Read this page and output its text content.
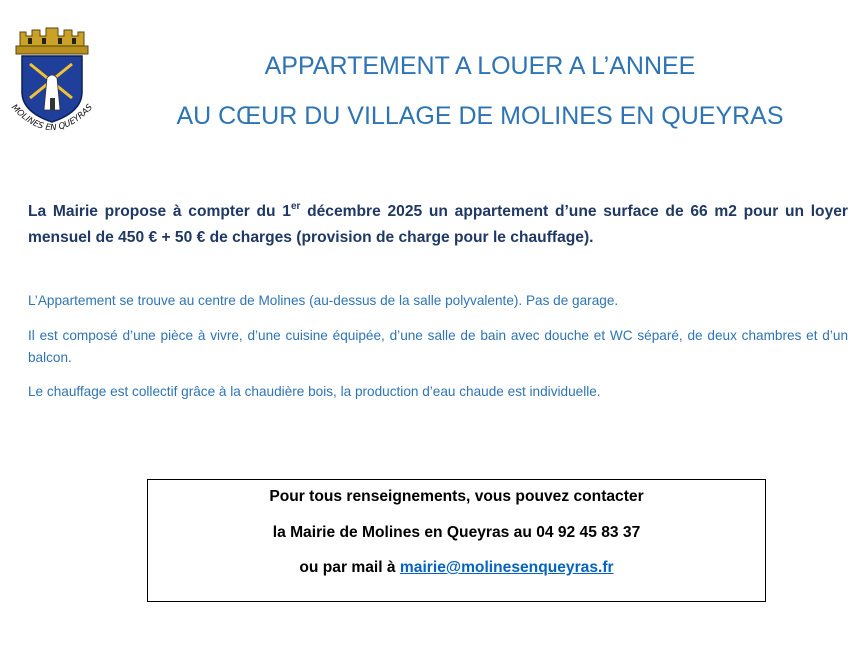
MOLINES EN QUEYRAS
APPARTEMENT A LOUER A L’ANNEE
AU CŒUR DU VILLAGE DE MOLINES EN QUEYRAS

La Mairie propose à compter du 1er décembre 2025 un appartement d’une surface de 66 m2 pour un loyer mensuel de 450 € + 50 € de charges (provision de charge pour le chauffage).

L’Appartement se trouve au centre de Molines (au-dessus de la salle polyvalente). Pas de garage.

Il est composé d’une pièce à vivre, d’une cuisine équipée, d’une salle de bain avec douche et WC séparé, de deux chambres et d’un balcon.

Le chauffage est collectif grâce à la chaudière bois, la production d’eau chaude est individuelle.

Pour tous renseignements, vous pouvez contacter
la Mairie de Molines en Queyras au 04 92 45 83 37
ou par mail à mairie@molinesenqueyras.fr
